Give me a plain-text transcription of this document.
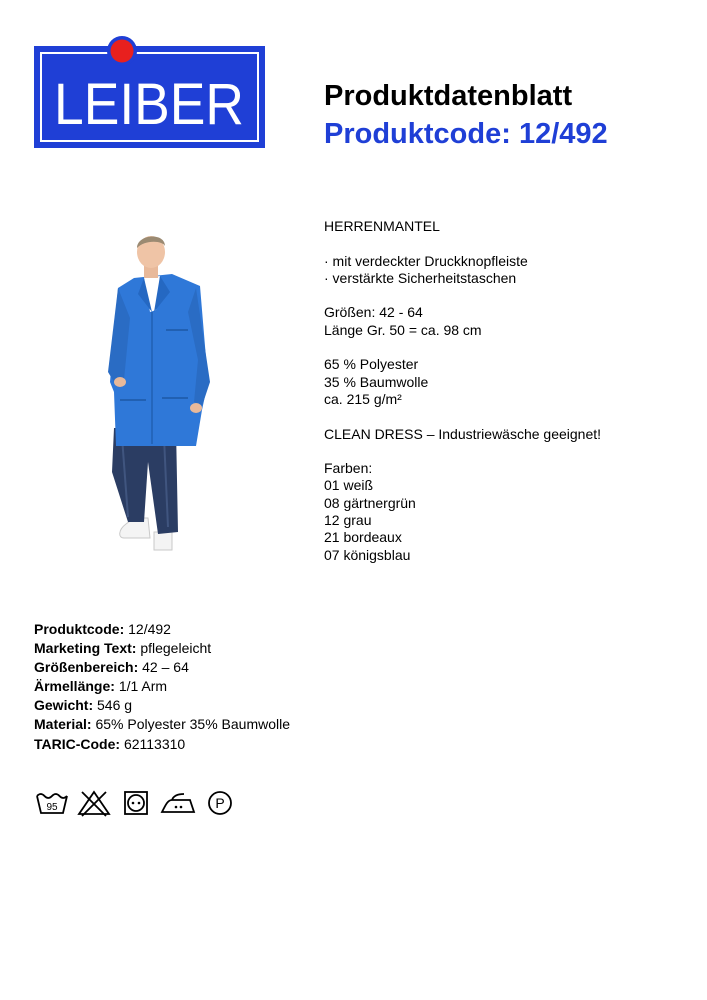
LEIBER	Produktdatenblatt
Produktcode: 12/492
HERRENMANTEL
· mit verdeckter Druckknopfleiste
· verstärkte Sicherheitstaschen
Größen: 42 - 64
Länge Gr. 50 = ca. 98 cm
65 % Polyester
35 % Baumwolle
ca. 215 g/m²
CLEAN DRESS – Industriewäsche geeignet!
Farben:
01 weiß
08 gärtnergrün
12 grau
21 bordeaux
07 königsblau
Produktcode: 12/492
Marketing Text: pflegeleicht
Größenbereich: 42 – 64
Ärmellänge: 1/1 Arm
Gewicht: 546 g
Material: 65% Polyester 35% Baumwolle
TARIC-Code: 62113310
95	P
